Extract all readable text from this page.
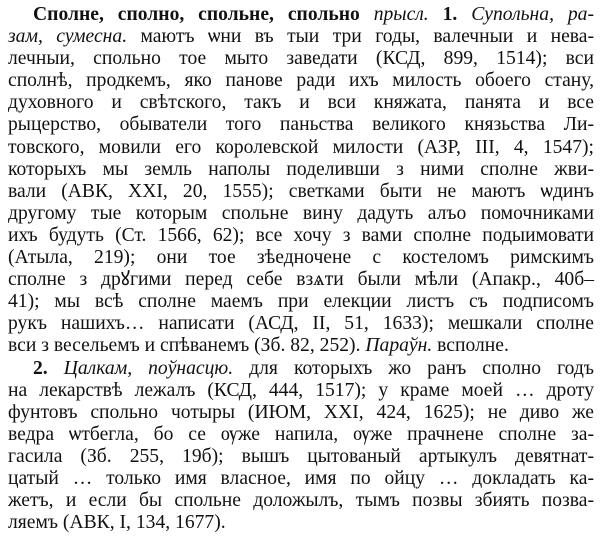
Сполне, сполно, спольне, спольно прысл. 1. Супольна, ра-
зам, сумесна. маютъ ѡни въ тыи три годы, валечныи и нева-
лечныи, спольно тое мыто заведати (КСД, 899, 1514); вси
сполнѣ, продкемъ, яко панове ради ихъ милость обоего стану,
духовного и свѣтского, такъ и вси княжата, панята и все
рыцерство, обыватели того паньства великого князьства Ли-
товского, мовили его королевской милости (АЗР, III, 4, 1547);
которыхъ мы земль наполы поделивши з ними сполне жви-
вали (АВК, XXI, 20, 1555); светками быти не маютъ ѡдинъ
другому тые которым спольне вину дадуть алъо помочниками
ихъ будуть (Ст. 1566, 62); все хочу з вами сполне подыимовати
(Атыла, 219); они тое зѣедночене с костеломъ римскимъ
сполне з дрꙋгими перед себе взѧти были мѣли (Апакр., 40б–
41); мы всѣ сполне маемъ при елекции листъ съ подписомъ
рукъ нашихъ… написати (АСД, II, 51, 1633); мешкали сполне
вси з весельемъ и спѣванемъ (Зб. 82, 252). Параўн. всполне.
2. Цалкам, поўнасцю. для которыхъ жо ранъ сполно годъ
на лекарствѣ лежалъ (КСД, 444, 1517); у краме моей … дроту
фунтовъ спольно чотыры (ИЮМ, XXI, 424, 1625); не диво же
ведра ѡтбегла, бо се ѹже напила, ѹже прачнене сполне за-
гасила (Зб. 255, 19б); вышъ цытованый артыкулъ девятнат-
цатый … только имя власное, имя по ойцу … докладать ка-
жетъ, и если бы спольне доложылъ, тымъ позвы збиять позва-
ляемъ (АВК, I, 134, 1677).
